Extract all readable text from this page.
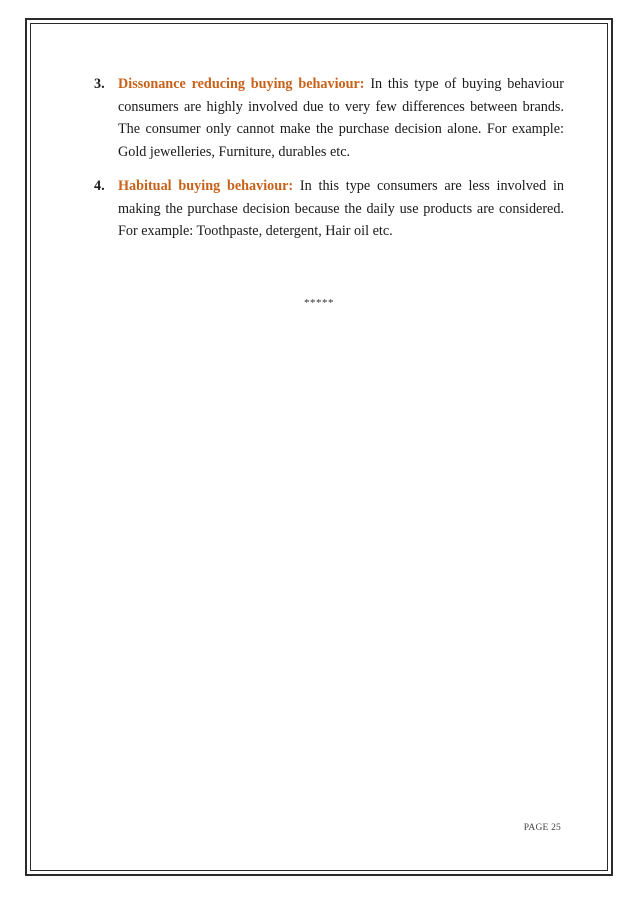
3. Dissonance reducing buying behaviour: In this type of buying behaviour consumers are highly involved due to very few differences between brands. The consumer only cannot make the purchase decision alone. For example: Gold jewelleries, Furniture, durables etc.

4. Habitual buying behaviour: In this type consumers are less involved in making the purchase decision because the daily use products are considered. For example: Toothpaste, detergent, Hair oil etc.

*****
PAGE 25
